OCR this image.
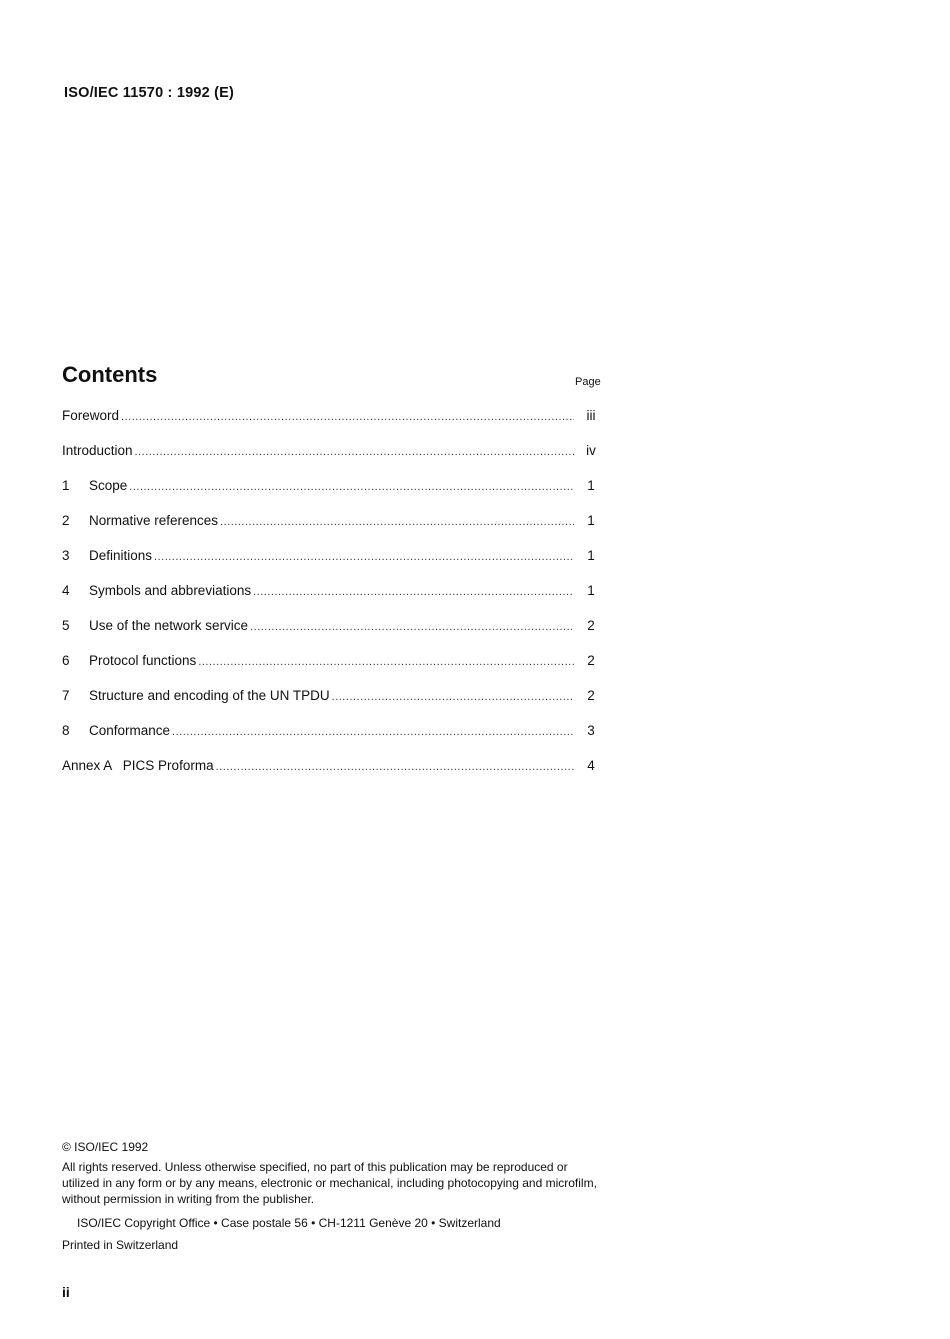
ISO/IEC 11570 : 1992 (E)
Contents	Page
Foreword .....	iii
Introduction .....	iv
1	Scope .....	1
2	Normative references .....	1
3	Definitions .....	1
4	Symbols and abbreviations .....	1
5	Use of the network service .....	2
6	Protocol functions .....	2
7	Structure and encoding of the UN TPDU .....	2
8	Conformance .....	3
Annex A   PICS Proforma .....	4

© ISO/IEC 1992

All rights reserved. Unless otherwise specified, no part of this publication may be reproduced or utilized in any form or by any means, electronic or mechanical, including photocopying and microfilm, without permission in writing from the publisher.

ISO/IEC Copyright Office • Case postale 56 • CH-1211 Genève 20 • Switzerland

Printed in Switzerland

ii
